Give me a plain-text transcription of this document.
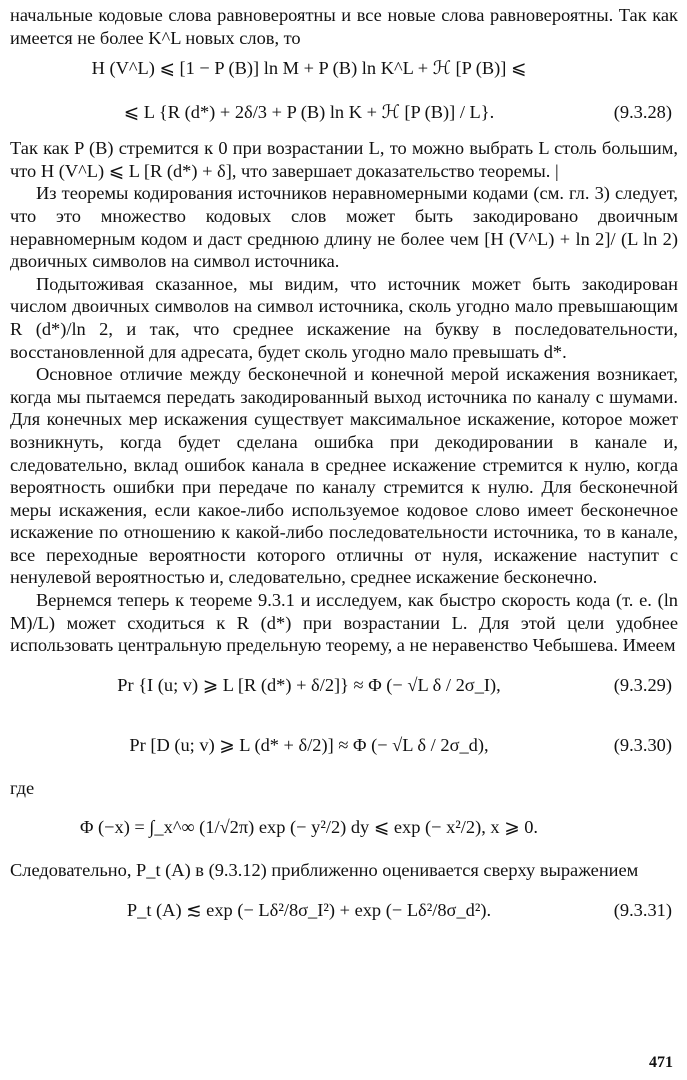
начальные кодовые слова равновероятны и все новые слова равновероятны. Так как имеется не более K^L новых слов, то

H (V^L) ⩽ [1 − P (B)] ln M + P (B) ln K^L + ℋ [P (B)] ⩽
⩽ L {R (d*) + 2δ/3 + P (B) ln K + ℋ [P (B)] / L}.	(9.3.28)

Так как P (B) стремится к 0 при возрастании L, то можно выбрать L столь большим, что H (V^L) ⩽ L [R (d*) + δ], что завершает доказательство теоремы. |

Из теоремы кодирования источников неравномерными кодами (см. гл. 3) следует, что это множество кодовых слов может быть закодировано двоичным неравномерным кодом и даст среднюю длину не более чем [H (V^L) + ln 2]/ (L ln 2) двоичных символов на символ источника.

Подытоживая сказанное, мы видим, что источник может быть закодирован числом двоичных символов на символ источника, сколь угодно мало превышающим R (d*)/ln 2, и так, что среднее искажение на букву в последовательности, восстановленной для адресата, будет сколь угодно мало превышать d*.

Основное отличие между бесконечной и конечной мерой искажения возникает, когда мы пытаемся передать закодированный выход источника по каналу с шумами. Для конечных мер искажения существует максимальное искажение, которое может возникнуть, когда будет сделана ошибка при декодировании в канале и, следовательно, вклад ошибок канала в среднее искажение стремится к нулю, когда вероятность ошибки при передаче по каналу стремится к нулю. Для бесконечной меры искажения, если какое-либо используемое кодовое слово имеет бесконечное искажение по отношению к какой-либо последовательности источника, то в канале, все переходные вероятности которого отличны от нуля, искажение наступит с ненулевой вероятностью и, следовательно, среднее искажение бесконечно.

Вернемся теперь к теореме 9.3.1 и исследуем, как быстро скорость кода (т. е. (ln M)/L) может сходиться к R (d*) при возрастании L. Для этой цели удобнее использовать центральную предельную теорему, а не неравенство Чебышева. Имеем

Pr {I (u; v) ⩾ L [R (d*) + δ/2]} ≈ Φ (− √L δ / 2σ_I),	(9.3.29)
Pr [D (u; v) ⩾ L (d* + δ/2)] ≈ Φ (− √L δ / 2σ_d),	(9.3.30)

где

Φ (−x) = ∫_x^∞ (1/√2π) exp (− y²/2) dy ⩽ exp (− x²/2), x ⩾ 0.

Следовательно, P_t (A) в (9.3.12) приближенно оценивается сверху выражением

P_t (A) ≲ exp (− Lδ²/8σ_I²) + exp (− Lδ²/8σ_d²).	(9.3.31)
471
